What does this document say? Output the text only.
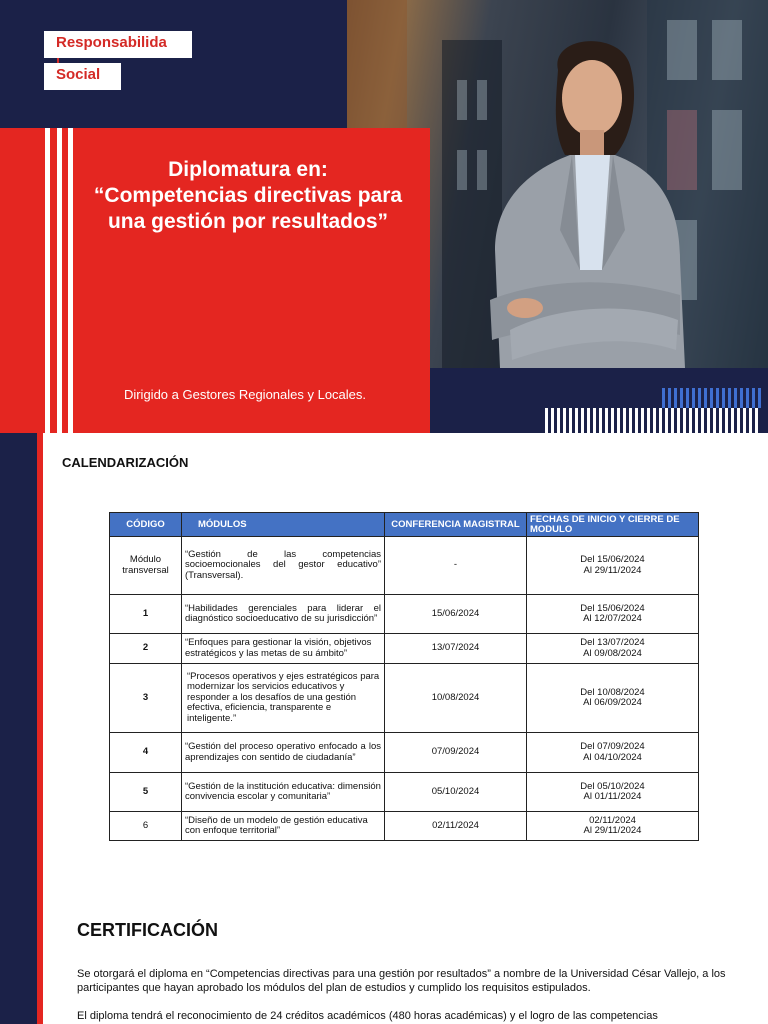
Responsabilida
Social
Diplomatura en:
“Competencias directivas para
una gestión por resultados”
Dirigido a Gestores Regionales y Locales.
CALENDARIZACIÓN
CÓDIGO	MÓDULOS	CONFERENCIA MAGISTRAL	FECHAS DE INICIO Y CIERRE DE MODULO
Módulo transversal	“Gestión de las competencias socioemocionales del gestor educativo” (Transversal).	-	Del 15/06/2024
Al 29/11/2024
1	“Habilidades gerenciales para liderar el diagnóstico socioeducativo de su jurisdicción”	15/06/2024	Del 15/06/2024
Al 12/07/2024
2	“Enfoques para gestionar la visión, objetivos estratégicos y las metas de su ámbito”	13/07/2024	Del 13/07/2024
Al 09/08/2024
3	“Procesos operativos y ejes estratégicos para modernizar los servicios educativos y responder a los desafíos de una gestión efectiva, eficiencia, transparente e inteligente.”	10/08/2024	Del 10/08/2024
Al 06/09/2024
4	“Gestión del proceso operativo enfocado a los aprendizajes con sentido de ciudadanía”	07/09/2024	Del 07/09/2024
Al 04/10/2024
5	“Gestión de la institución educativa: dimensión convivencia escolar y comunitaria”	05/10/2024	Del 05/10/2024
Al 01/11/2024
6	“Diseño de un modelo de gestión educativa con enfoque territorial”	02/11/2024	02/11/2024
Al 29/11/2024
CERTIFICACIÓN

Se otorgará el diploma en “Competencias directivas para una gestión por resultados” a nombre de la Universidad César Vallejo, a los participantes que hayan aprobado los módulos del plan de estudios y cumplido los requisitos estipulados.

El diploma tendrá el reconocimiento de 24 créditos académicos (480 horas académicas) y el logro de las competencias
